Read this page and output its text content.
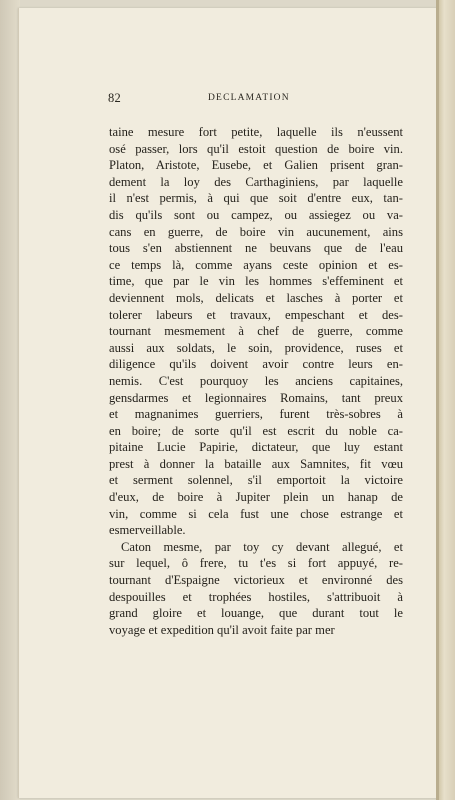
82	DECLAMATION
taine mesure fort petite, laquelle ils n'eussent
osé passer, lors qu'il estoit question de boire vin.
Platon, Aristote, Eusebe, et Galien prisent gran-
dement la loy des Carthaginiens, par laquelle
il n'est permis, à qui que soit d'entre eux, tan-
dis qu'ils sont ou campez, ou assiegez ou va-
cans en guerre, de boire vin aucunement, ains
tous s'en abstiennent ne beuvans que de l'eau
ce temps là, comme ayans ceste opinion et es-
time, que par le vin les hommes s'effeminent et
deviennent mols, delicats et lasches à porter et
tolerer labeurs et travaux, empeschant et des-
tournant mesmement à chef de guerre, comme
aussi aux soldats, le soin, providence, ruses et
diligence qu'ils doivent avoir contre leurs en-
nemis. C'est pourquoy les anciens capitaines,
gensdarmes et legionnaires Romains, tant preux
et magnanimes guerriers, furent très-sobres à
en boire; de sorte qu'il est escrit du noble ca-
pitaine Lucie Papirie, dictateur, que luy estant
prest à donner la bataille aux Samnites, fit vœu
et serment solennel, s'il emportoit la victoire
d'eux, de boire à Jupiter plein un hanap de
vin, comme si cela fust une chose estrange et
esmerveillable.
Caton mesme, par toy cy devant allegué, et
sur lequel, ô frere, tu t'es si fort appuyé, re-
tournant d'Espaigne victorieux et environné des
despouilles et trophées hostiles, s'attribuoit à
grand gloire et louange, que durant tout le
voyage et expedition qu'il avoit faite par mer
